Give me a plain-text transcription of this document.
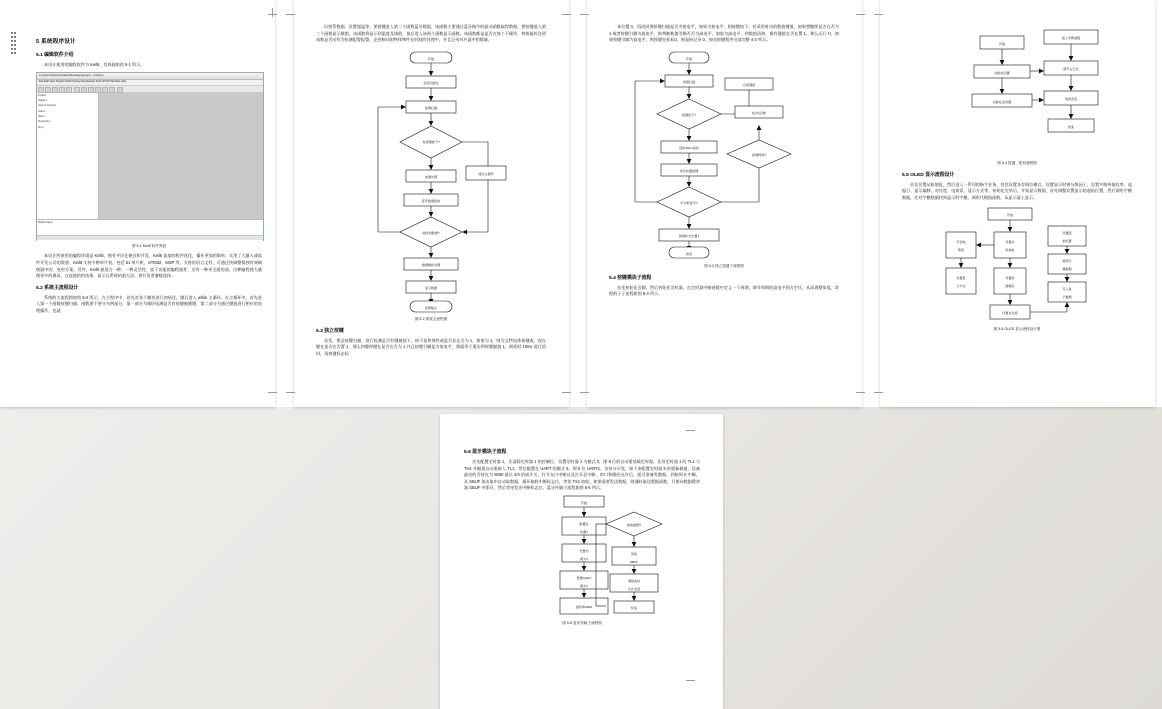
5 系统程序设计
5.1 编辑软件介绍
本设计使用的编程软件为 Keil5，其界面如图 5-1 所示。
C:\Users\Administrator\Desktop\project - µVision
File Edit View Project Flash Debug Peripherals Tools SVCS Window Help
Project
Target 1
Source Group 1
main.c
oled.c
bluetooth.c
key.c
Build Output
图 5-1 Keil5 软件界面
本设计所使用的编程环境是 Keil5，拥有平民化便宜和开发、Keil5 是加的程序优化，操作更加的简单、实用了大量人或软件开发公司的需要。Keil5 支持多种单片机，包括 51 单片机、STM32、MSP 等，支持的语言文档、可通过快调整都独有效刷便器中的、变更方案。另外，Keil5 最适合一种、一种灵活性、富于功能的编程器件，还有一种更全面的部，这种编程使大量便更多的调试、在连接的的结果，显示在系统的最方法，供开发者参数选择。
5.2 系统主流程设计
系统的主流程图如图 5-2 所示。在主程序中，首先对各个模块进行初始化，随后进入 while 主循环。在主循环中，首先进入第一个函数按键扫描，函数要不要分为两部分，第一部分为循环检测是否有按键被键键，第二部分为通过键值进行相应的处理操作，也就
识别系数据，设置超温等，要按键进入第二个函数蓝牙数据，该函数主要通过蓝牙指令的驱动函数取得数据，要按键进入第三个函数显示数据，该函数将显示到温度及调值，最后进入该周个函数显示函数，该函数都是是否在每个不操作，物体能传送到该数是否动作为检测报警报警，走控制动的物体物件在时间的处理中，并且记录对应温中的数量。
开始
系统初始化
按键扫描
有按键按下?
按键处理
蓝牙数据接收
接收到数据?
数据解析处理
显示数据
返回主循环
报警输出
图 5-2 系统主流程图
5.3 独立按键
首先，要去按键扫描，进行检测是否有键被按下，按下某和那些或是否存在否为 1，如果为 1，则为文特电体按键或，现在键在是否在否置 1，那么和键停键在是否在否为 1 并且按键引脚是为低电平，那就等于重启两时键赋值 1，则延时 10ms 进行消抖，再按键标志标
本位置 0，再次同那按键扫描是否为低电平，如果为低电平，则按键按下，若采用时动的数值键值。如果想继续是否在否为 1 或者按键引脚为低电平，则判断数值引脚否否为高电平，如果为高电平，则数值清掉，指有键值在否在置 1，那么运行 H，如果按键引脚为高电平，则按键在标标0，则是按记录 0，按次按键程序这部完整 4-3 所示。
开始
按键扫描
按键按下?
延时10ms消抖
再次检测按键
仍为低电平?
按键标志位置1
记录键值
按键释放?
标志位清0
结束
图 5-3 独立按键子流程图
5.4 按键模块子流程
首先初始化引脚，然后初始化定时器，在定时器中断函数中定义一个周期，调节周期的高电平的占空比，从而调整角度，改程的子子流程如图 5-4 所示。
开始
初始化引脚
初始化定时器
进入中断函数
调节占空比
角度改变
结束
图 5-4 按键、舵机流程图
5.5 OLED 显示流程设计
首先设置从机地址，然后进入一系列的指令业务，包括设置各存调位模式，设置显示时钟分频因子，设置多路传输比率，起振行、显示偏移、对比度、电荷泵、显示方式等，初始化完毕后，开始显示数据，首先调整设置显示的起始位置，然后调用字模数据，比对字模数据找到显示的字模，调用代数据函数，从显示器上显示。
开始
设置从
机地址
设置存
储模式
设置对比度
开启电
荷泵
设置显
示方式
设置起
始位置
调用字
模数据
写入显
示数据
图 5-5 OLED 显示流程设计图
5.6 蓝牙模块子流程
首先配置定时器 1，先清除定时器 1 的控制位，设置定时器 1 为模式 2，即 8 位的自动重装载定时器，先设定时器 1 的 TL1 与 TH1 并赋值自动重新入 TL1，然后配置在 UART 的模式 5，即 8 位 UART1，各待分可变，接下来配置定时器 5 的重新载值，设备最动的否待在为 9600 最长 4/4 的或开关，打开在口中断以及打开总中断、串口和脚还允许后，就可准备发数据。到接到 0 中断，从 SBUF 读出取中自动取数据，循环取收中断标志位，等待 TX1 收收，如果需要发送数据，则通时取送数据函数，只要向数据缓冲器 SBUF 中即可，然后等待发送中断标志位，蓝牙传输子流程如图 5-6 所示。
开始
配置定
时器1
设置为
模式2
配置UART
模式1
波特率9600
接收数据?
读取
SBUF
清接收标
志并发送
结束
图 5-6 蓝牙传输子流程图
